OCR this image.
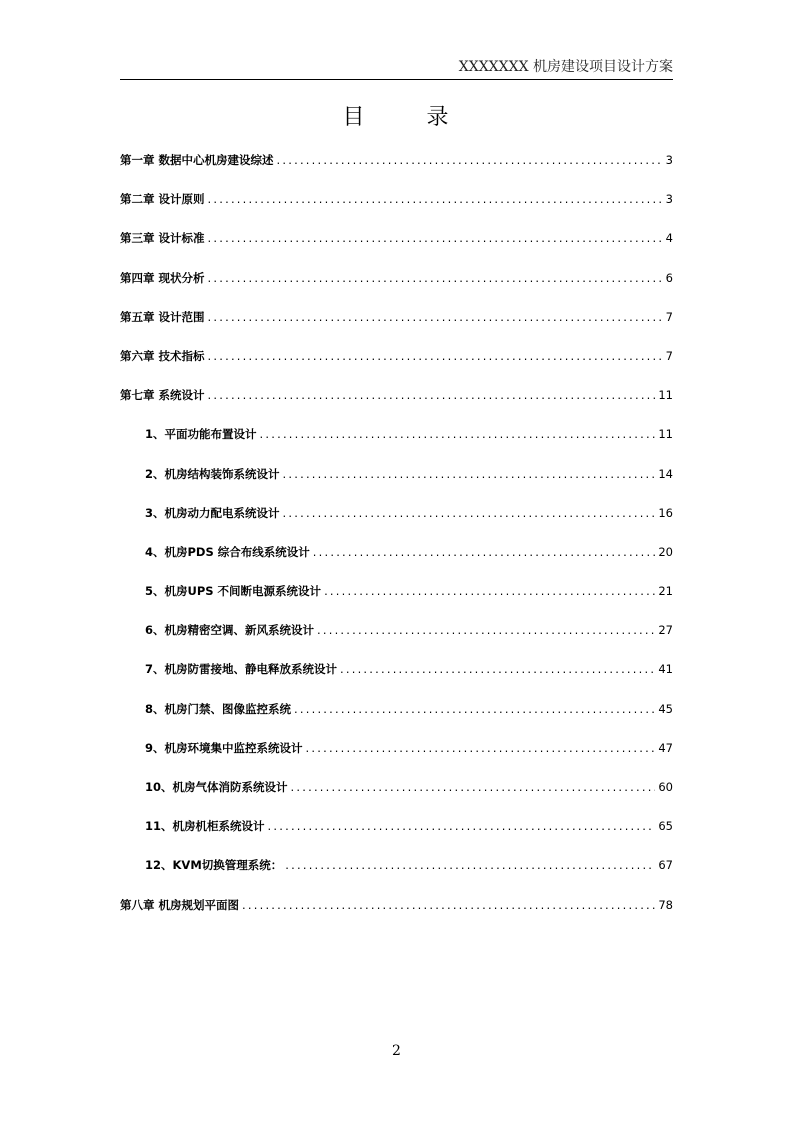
XXXXXXX 机房建设项目设计方案
目	录
第一章 数据中心机房建设综述 .....	3
第二章 设计原则 .....	3
第三章 设计标准 .....	4
第四章 现状分析 .....	6
第五章 设计范围 .....	7
第六章 技术指标 .....	7
第七章 系统设计 .....	11
1、平面功能布置设计 .....	11
2、机房结构装饰系统设计 .....	14
3、机房动力配电系统设计 .....	16
4、机房PDS 综合布线系统设计 .....	20
5、机房UPS 不间断电源系统设计 .....	21
6、机房精密空调、新风系统设计 .....	27
7、机房防雷接地、静电释放系统设计 .....	41
8、机房门禁、图像监控系统 .....	45
9、机房环境集中监控系统设计 .....	47
10、机房气体消防系统设计 .....	60
11、机房机柜系统设计 .....	65
12、KVM切换管理系统： .....	67
第八章 机房规划平面图 .....	78
2
